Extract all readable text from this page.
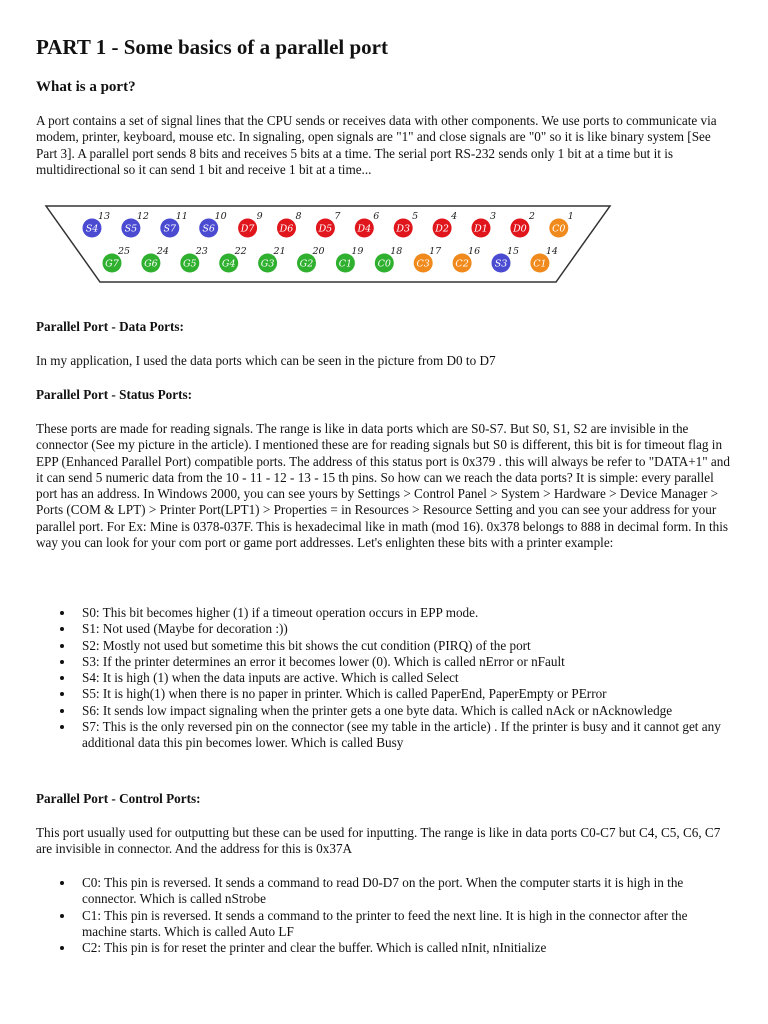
PART 1 - Some basics of a parallel port
What is a port?

A port contains a set of signal lines that the CPU sends or receives data with other components. We use ports to communicate via modem, printer, keyboard, mouse etc. In signaling, open signals are "1" and close signals are "0" so it is like binary system [See Part 3]. A parallel port sends 8 bits and receives 5 bits at a time. The serial port RS-232 sends only 1 bit at a time but it is multidirectional so it can send 1 bit and receive 1 bit at a time...

S4
13
S5
12
S7
11
S6
10
D7
9
D6
8
D5
7
D4
6
D3
5
D2
4
D1
3
D0
2
C0
1
G7
25
G6
24
G5
23
G4
22
G3
21
G2
20
C1
19
C0
18
C3
17
C2
16
S3
15
C1
14
Parallel Port - Data Ports:

In my application, I used the data ports which can be seen in the picture from D0 to D7

Parallel Port - Status Ports:

These ports are made for reading signals. The range is like in data ports which are S0-S7. But S0, S1, S2 are invisible in the connector (See my picture in the article). I mentioned these are for reading signals but S0 is different, this bit is for timeout flag in EPP (Enhanced Parallel Port) compatible ports. The address of this status port is 0x379 . this will always be refer to "DATA+1" and it can send 5 numeric data from the 10 - 11 - 12 - 13 - 15 th pins. So how can we reach the data ports? It is simple: every parallel port has an address. In Windows 2000, you can see yours by Settings > Control Panel > System > Hardware > Device Manager > Ports (COM & LPT) > Printer Port(LPT1) > Properties = in Resources > Resource Setting and you can see your address for your parallel port. For Ex: Mine is 0378-037F. This is hexadecimal like in math (mod 16). 0x378 belongs to 888 in decimal form. In this way you can look for your com port or game port addresses. Let's enlighten these bits with a printer example:

S0: This bit becomes higher (1) if a timeout operation occurs in EPP mode.
S1: Not used (Maybe for decoration :))
S2: Mostly not used but sometime this bit shows the cut condition (PIRQ) of the port
S3: If the printer determines an error it becomes lower (0). Which is called nError or nFault
S4: It is high (1) when the data inputs are active. Which is called Select
S5: It is high(1) when there is no paper in printer. Which is called PaperEnd, PaperEmpty or PError
S6: It sends low impact signaling when the printer gets a one byte data. Which is called nAck or nAcknowledge
S7: This is the only reversed pin on the connector (see my table in the article) . If the printer is busy and it cannot get any additional data this pin becomes lower. Which is called Busy
Parallel Port - Control Ports:

This port usually used for outputting but these can be used for inputting. The range is like in data ports C0-C7 but C4, C5, C6, C7 are invisible in connector. And the address for this is 0x37A

C0: This pin is reversed. It sends a command to read D0-D7 on the port. When the computer starts it is high in the connector. Which is called nStrobe
C1: This pin is reversed. It sends a command to the printer to feed the next line. It is high in the connector after the machine starts. Which is called Auto LF
C2: This pin is for reset the printer and clear the buffer. Which is called nInit, nInitialize
